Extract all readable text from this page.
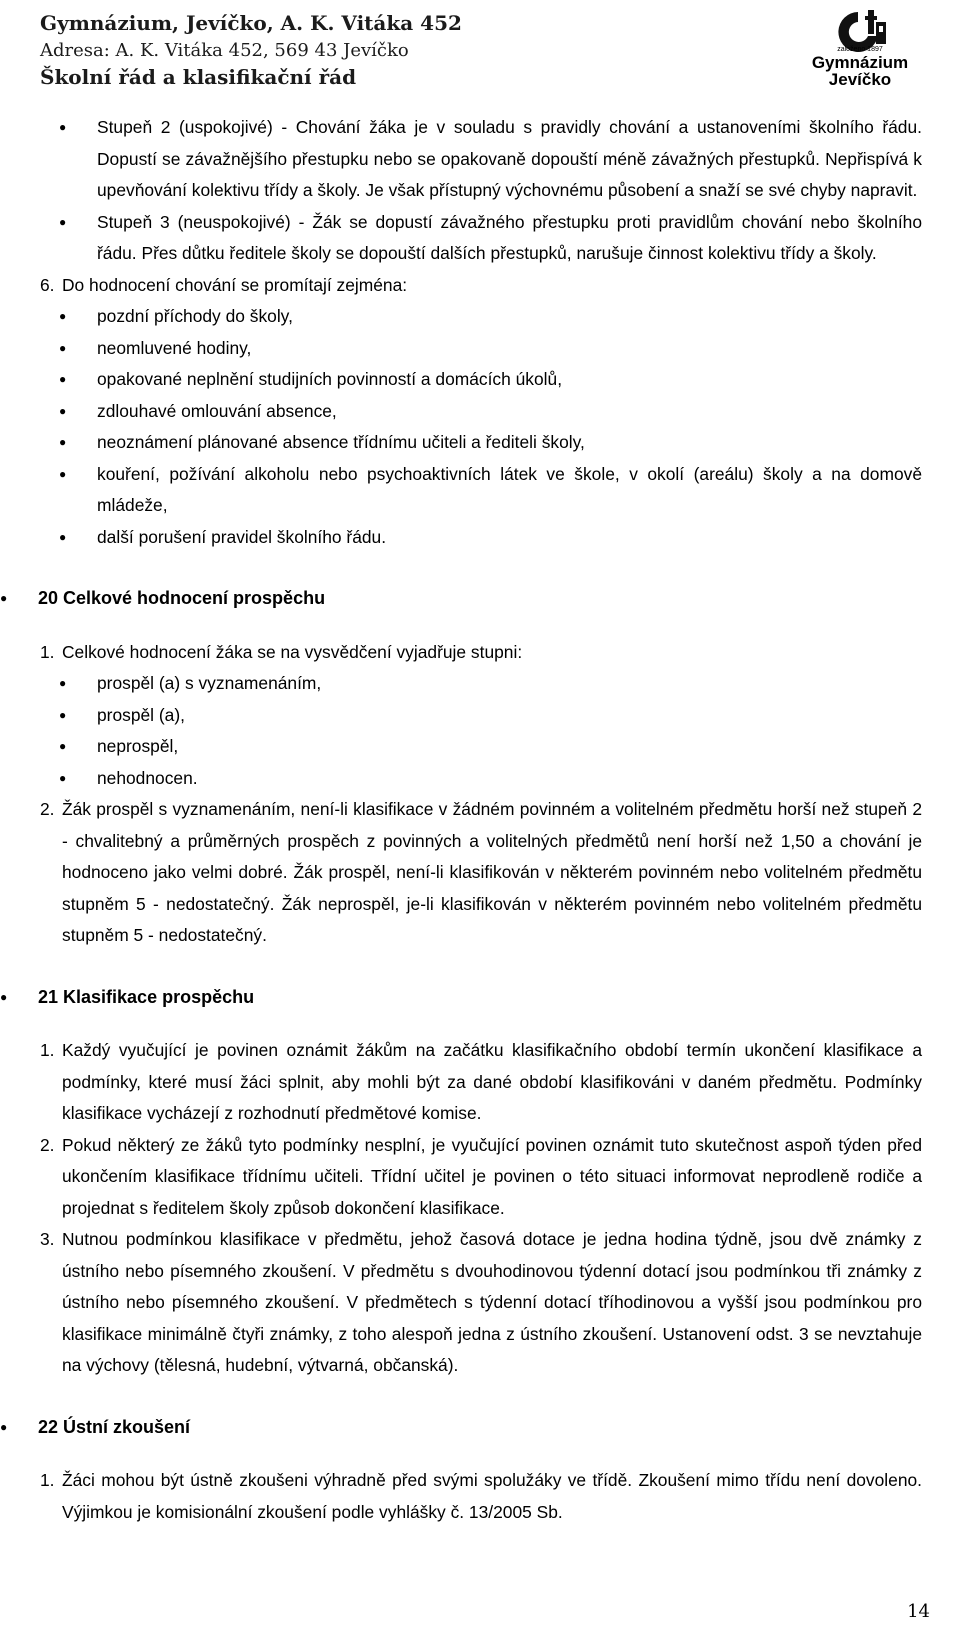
Gymnázium, Jevíčko, A. K. Vitáka 452
Adresa: A. K. Vitáka 452, 569 43 Jevíčko
Školní řád a klasifikační řád
založeno 1897
Gymnázium
Jevíčko
● Stupeň 2 (uspokojivé) - Chování žáka je v souladu s pravidly chování a ustanoveními školního řádu. Dopustí se závažnějšího přestupku nebo se opakovaně dopouští méně závažných přestupků. Nepřispívá k upevňování kolektivu třídy a školy. Je však přístupný výchovnému působení a snaží se své chyby napravit.
● Stupeň 3 (neuspokojivé) - Žák se dopustí závažného přestupku proti pravidlům chování nebo školního řádu. Přes důtku ředitele školy se dopouští dalších přestupků, narušuje činnost kolektivu třídy a školy.
6. Do hodnocení chování se promítají zejména:
● pozdní příchody do školy,
● neomluvené hodiny,
● opakované neplnění studijních povinností a domácích úkolů,
● zdlouhavé omlouvání absence,
● neoznámení plánované absence třídnímu učiteli a řediteli školy,
● kouření, požívání alkoholu nebo psychoaktivních látek ve škole, v okolí (areálu) školy a na domově mládeže,
● další porušení pravidel školního řádu.
● 20 Celkové hodnocení prospěchu
1. Celkové hodnocení žáka se na vysvědčení vyjadřuje stupni:
● prospěl (a) s vyznamenáním,
● prospěl (a),
● neprospěl,
● nehodnocen.
2. Žák prospěl s vyznamenáním, není-li klasifikace v žádném povinném a volitelném předmětu horší než stupeň 2 - chvalitebný a průměrných prospěch z povinných a volitelných předmětů není horší než 1,50 a chování je hodnoceno jako velmi dobré. Žák prospěl, není-li klasifikován v některém povinném nebo volitelném předmětu stupněm 5 - nedostatečný. Žák neprospěl, je-li klasifikován v některém povinném nebo volitelném předmětu stupněm 5 - nedostatečný.
● 21 Klasifikace prospěchu
1. Každý vyučující je povinen oznámit žákům na začátku klasifikačního období termín ukončení klasifikace a podmínky, které musí žáci splnit, aby mohli být za dané období klasifikováni v daném předmětu. Podmínky klasifikace vycházejí z rozhodnutí předmětové komise.
2. Pokud některý ze žáků tyto podmínky nesplní, je vyučující povinen oznámit tuto skutečnost aspoň týden před ukončením klasifikace třídnímu učiteli. Třídní učitel je povinen o této situaci informovat neprodleně rodiče a projednat s ředitelem školy způsob dokončení klasifikace.
3. Nutnou podmínkou klasifikace v předmětu, jehož časová dotace je jedna hodina týdně, jsou dvě známky z ústního nebo písemného zkoušení. V předmětu s dvouhodinovou týdenní dotací jsou podmínkou tři známky z ústního nebo písemného zkoušení. V předmětech s týdenní dotací tříhodinovou a vyšší jsou podmínkou pro klasifikace minimálně čtyři známky, z toho alespoň jedna z ústního zkoušení. Ustanovení odst. 3 se nevztahuje na výchovy (tělesná, hudební, výtvarná, občanská).
● 22 Ústní zkoušení
1. Žáci mohou být ústně zkoušeni výhradně před svými spolužáky ve třídě. Zkoušení mimo třídu není dovoleno. Výjimkou je komisionální zkoušení podle vyhlášky č. 13/2005 Sb.
14
